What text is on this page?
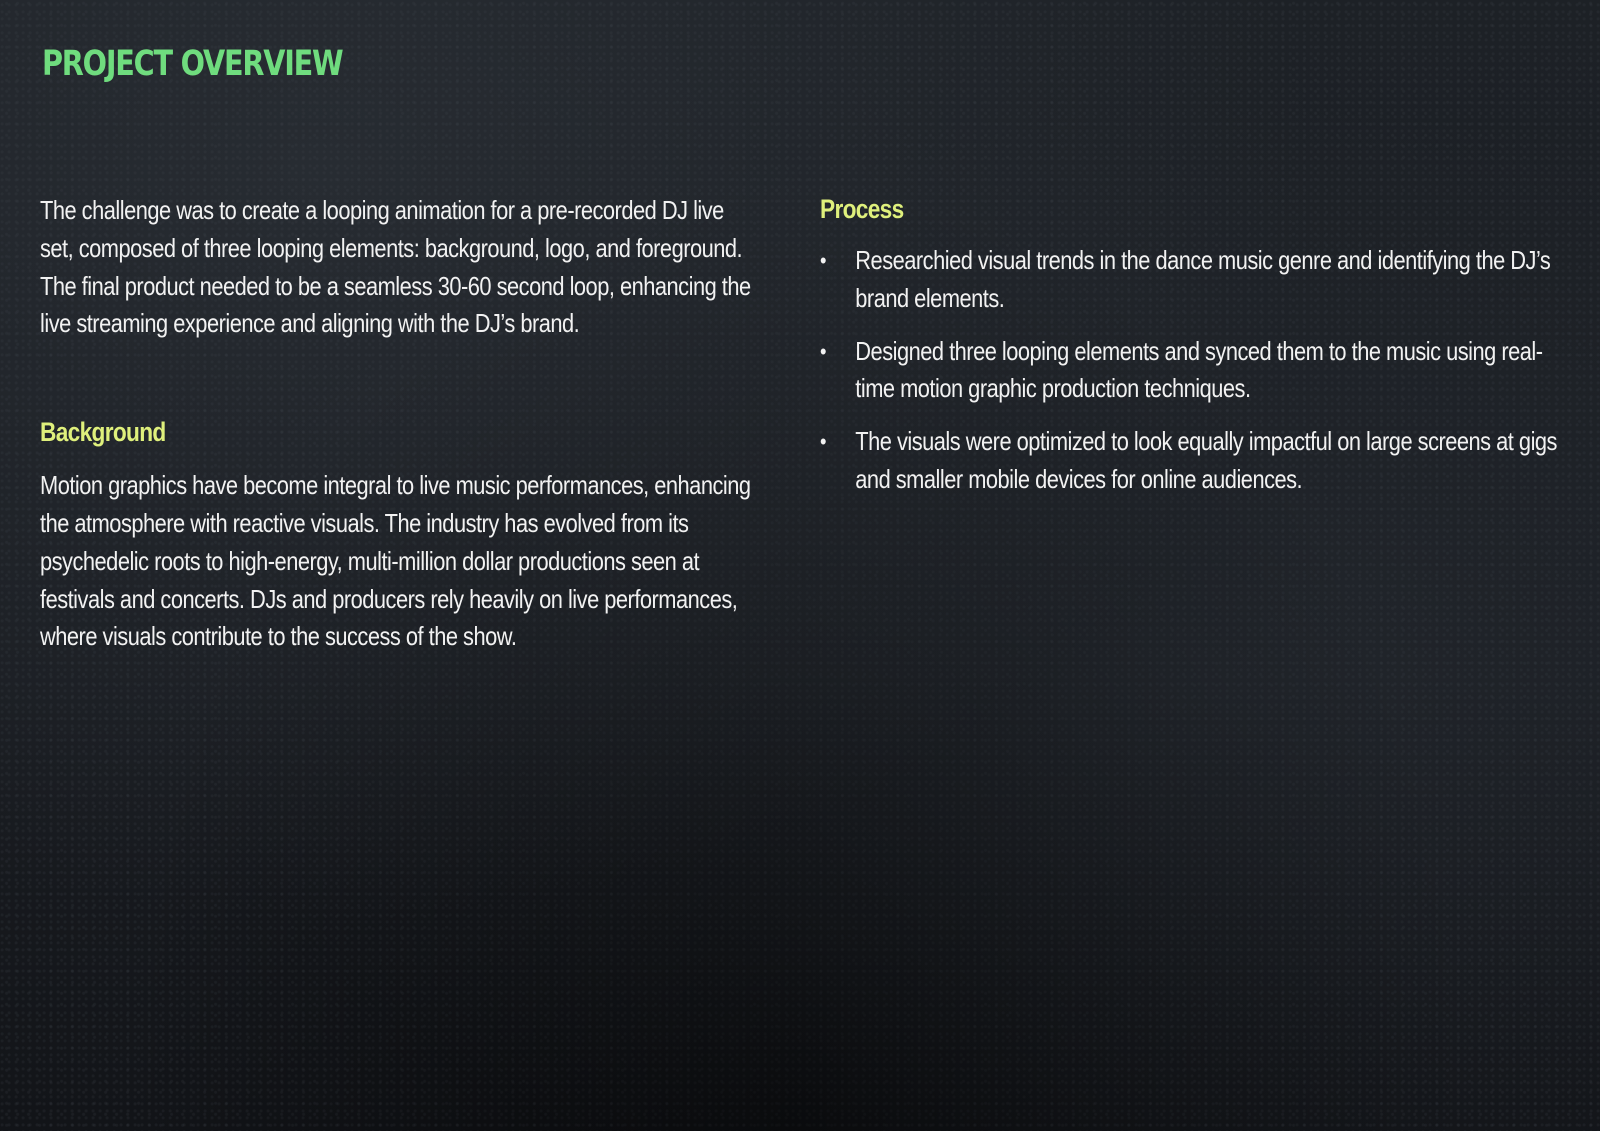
PROJECT OVERVIEW

The challenge was to create a looping animation for a pre-recorded DJ live set, composed of three looping elements: background, logo, and foreground. The final product needed to be a seamless 30-60 second loop, enhancing the live streaming experience and aligning with the DJ’s brand.

Background

Motion graphics have become integral to live music performances, enhancing the atmosphere with reactive visuals. The industry has evolved from its psychedelic roots to high-energy, multi-million dollar productions seen at festivals and concerts. DJs and producers rely heavily on live performances, where visuals contribute to the success of the show.

Process
• Researchied visual trends in the dance music genre and identifying the DJ’s brand elements.
• Designed three looping elements and synced them to the music using real-time motion graphic production techniques.
• The visuals were optimized to look equally impactful on large screens at gigs and smaller mobile devices for online audiences.
